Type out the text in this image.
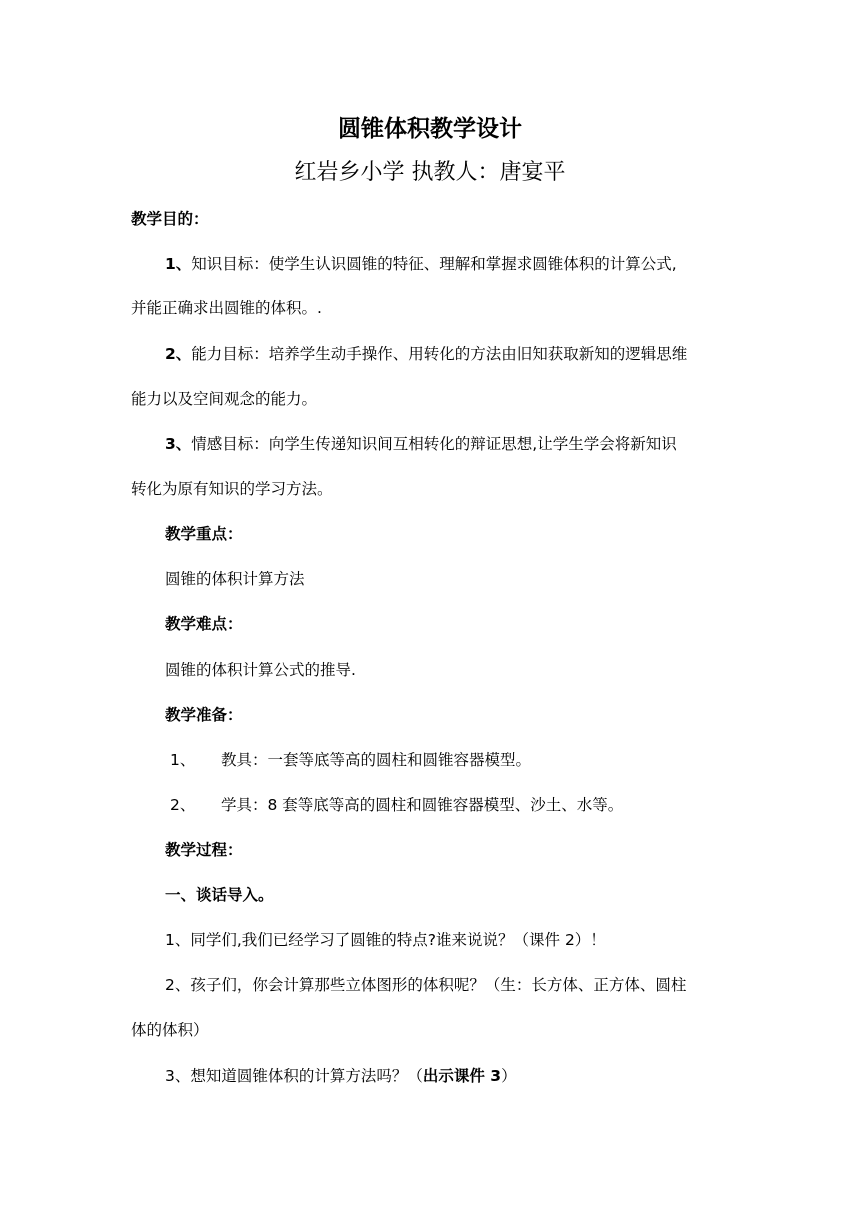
圆锥体积教学设计
红岩乡小学 执教人：唐宴平
教学目的：
1、知识目标：使学生认识圆锥的特征、理解和掌握求圆锥体积的计算公式,
并能正确求出圆锥的体积。.
2、能力目标：培养学生动手操作、用转化的方法由旧知获取新知的逻辑思维
能力以及空间观念的能力。
3、情感目标：向学生传递知识间互相转化的辩证思想,让学生学会将新知识
转化为原有知识的学习方法。
教学重点：
圆锥的体积计算方法
教学难点：
圆锥的体积计算公式的推导.
教学准备：
1、 教具：一套等底等高的圆柱和圆锥容器模型。
2、 学具：8 套等底等高的圆柱和圆锥容器模型、沙土、水等。
教学过程：
一、谈话导入。
1、同学们,我们已经学习了圆锥的特点?谁来说说？（课件 2）！
2、孩子们，你会计算那些立体图形的体积呢？（生：长方体、正方体、圆柱
体的体积）
3、想知道圆锥体积的计算方法吗？（出示课件 3）
